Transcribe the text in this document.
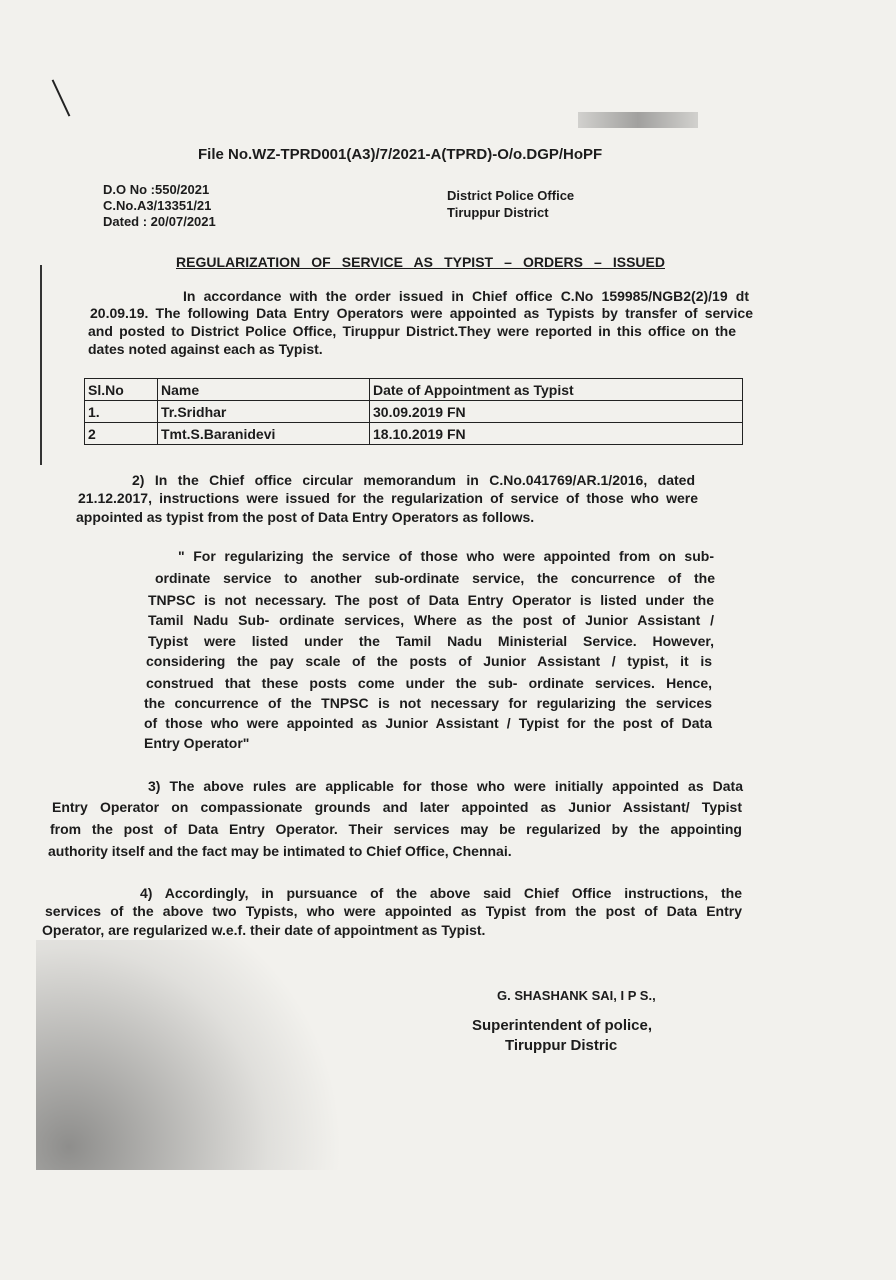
File No.WZ-TPRD001(A3)/7/2021-A(TPRD)-O/o.DGP/HoPF
D.O No :550/2021
C.No.A3/13351/21
Dated : 20/07/2021
District Police Office
Tiruppur District
REGULARIZATION OF SERVICE AS TYPIST – ORDERS – ISSUED
In accordance with the order issued in Chief office C.No 159985/NGB2(2)/19 dt
20.09.19. The following Data Entry Operators were appointed as Typists by transfer of service
and posted to District Police Office, Tiruppur District.They were reported in this office on the
dates noted against each as Typist.
Sl.No	Name	Date of Appointment as Typist
1.	Tr.Sridhar	30.09.2019 FN
2	Tmt.S.Baranidevi	18.10.2019 FN
2) In the Chief office circular memorandum in C.No.041769/AR.1/2016, dated
21.12.2017, instructions were issued for the regularization of service of those who were
appointed as typist from the post of Data Entry Operators as follows.
" For regularizing the service of those who were appointed from on sub-
ordinate service to another sub-ordinate service, the concurrence of the
TNPSC is not necessary. The post of Data Entry Operator is listed under the
Tamil Nadu Sub- ordinate services, Where as the post of Junior Assistant /
Typist were listed under the Tamil Nadu Ministerial Service. However,
considering the pay scale of the posts of Junior Assistant / typist, it is
construed that these posts come under the sub- ordinate services. Hence,
the concurrence of the TNPSC is not necessary for regularizing the services
of those who were appointed as Junior Assistant / Typist for the post of Data
Entry Operator"
3) The above rules are applicable for those who were initially appointed as Data
Entry Operator on compassionate grounds and later appointed as Junior Assistant/ Typist
from the post of Data Entry Operator. Their services may be regularized by the appointing
authority itself and the fact may be intimated to Chief Office, Chennai.
4) Accordingly, in pursuance of the above said Chief Office instructions, the
services of the above two Typists, who were appointed as Typist from the post of Data Entry
Operator, are regularized w.e.f. their date of appointment as Typist.
G. SHASHANK SAI, I P S.,
Superintendent of police,
Tiruppur Distric
